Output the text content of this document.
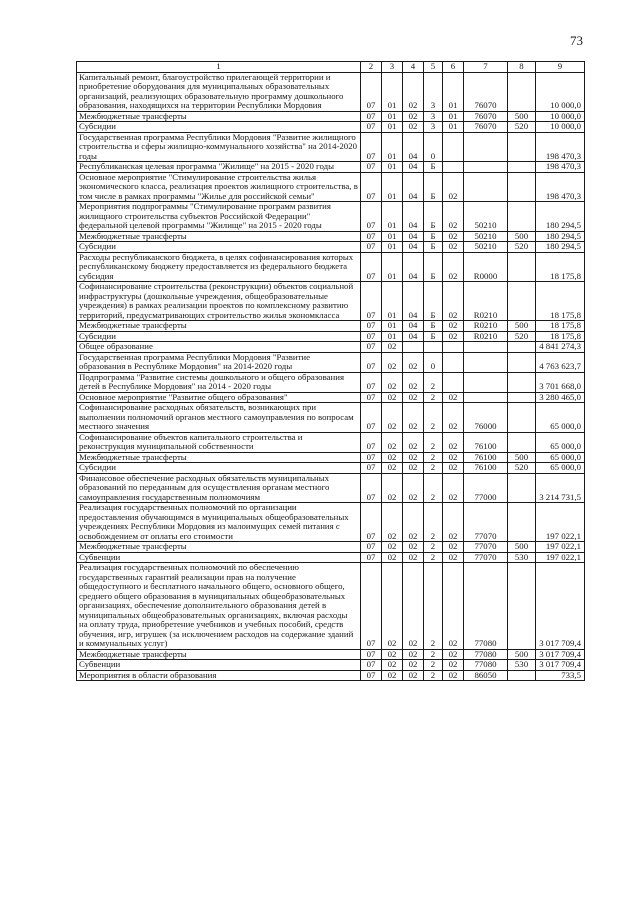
73
1	2	3	4	5	6	7	8	9
Капитальный ремонт, благоустройство прилегающей территории и приобретение оборудования для муниципальных образовательных организаций, реализующих образовательную программу дошкольного образования, находящихся на территории Республики Мордовия	07	01	02	3	01	76070		10 000,0
Межбюджетные трансферты	07	01	02	3	01	76070	500	10 000,0
Субсидии	07	01	02	3	01	76070	520	10 000,0
Государственная программа Республики Мордовия "Развитие жилищного строительства и сферы жилищно-коммунального хозяйства" на 2014-2020 годы	07	01	04	0				198 470,3
Республиканская целевая программа "Жилище" на 2015 - 2020 годы	07	01	04	Б				198 470,3
Основное мероприятие "Стимулирование строительства жилья экономического класса, реализация проектов жилищного строительства, в том числе в рамках программы "Жилье для российской семьи"	07	01	04	Б	02			198 470,3
Мероприятия подпрограммы "Стимулирование программ развития жилищного строительства субъектов Российской Федерации" федеральной целевой программы "Жилище" на 2015 - 2020 годы	07	01	04	Б	02	50210		180 294,5
Межбюджетные трансферты	07	01	04	Б	02	50210	500	180 294,5
Субсидии	07	01	04	Б	02	50210	520	180 294,5
Расходы республиканского бюджета, в целях софинансирования которых республиканскому бюджету предоставляется из федерального бюджета субсидия	07	01	04	Б	02	R0000		18 175,8
Софинансирование строительства (реконструкции) объектов социальной инфраструктуры (дошкольные учреждения, общеобразовательные учреждения) в рамках реализации проектов по комплексному развитию территорий, предусматривающих строительство жилья экономкласса	07	01	04	Б	02	R0210		18 175,8
Межбюджетные трансферты	07	01	04	Б	02	R0210	500	18 175,8
Субсидии	07	01	04	Б	02	R0210	520	18 175,8
Общее образование	07	02						4 841 274,3
Государственная программа Республики Мордовия "Развитие образования в Республике Мордовия" на 2014-2020 годы	07	02	02	0				4 763 623,7
Подпрограмма "Развитие системы дошкольного и общего образования детей в Республике Мордовия" на 2014 - 2020 годы	07	02	02	2				3 701 668,0
Основное мероприятие "Развитие общего образования"	07	02	02	2	02			3 280 465,0
Софинансирование расходных обязательств, возникающих при выполнении полномочий органов местного самоуправления по вопросам местного значения	07	02	02	2	02	76000		65 000,0
Софинансирование объектов капитального строительства и реконструкция муниципальной собственности	07	02	02	2	02	76100		65 000,0
Межбюджетные трансферты	07	02	02	2	02	76100	500	65 000,0
Субсидии	07	02	02	2	02	76100	520	65 000,0
Финансовое обеспечение расходных обязательств муниципальных образований по переданным для осуществления органам местного самоуправления государственным полномочиям	07	02	02	2	02	77000		3 214 731,5
Реализация государственных полномочий по организации предоставления обучающимся в муниципальных общеобразовательных учреждениях Республики Мордовия из малоимущих семей питания с освобождением от оплаты его стоимости	07	02	02	2	02	77070		197 022,1
Межбюджетные трансферты	07	02	02	2	02	77070	500	197 022,1
Субвенции	07	02	02	2	02	77070	530	197 022,1
Реализация государственных полномочий по обеспечению государственных гарантий реализации прав на получение общедоступного и бесплатного начального общего, основного общего, среднего общего образования в муниципальных общеобразовательных организациях, обеспечение дополнительного образования детей в муниципальных общеобразовательных организациях, включая расходы на оплату труда, приобретение учебников и учебных пособий, средств обучения, игр, игрушек (за исключением расходов на содержание зданий и коммунальных услуг)	07	02	02	2	02	77080		3 017 709,4
Межбюджетные трансферты	07	02	02	2	02	77080	500	3 017 709,4
Субвенции	07	02	02	2	02	77080	530	3 017 709,4
Мероприятия в области образования	07	02	02	2	02	86050		733,5
